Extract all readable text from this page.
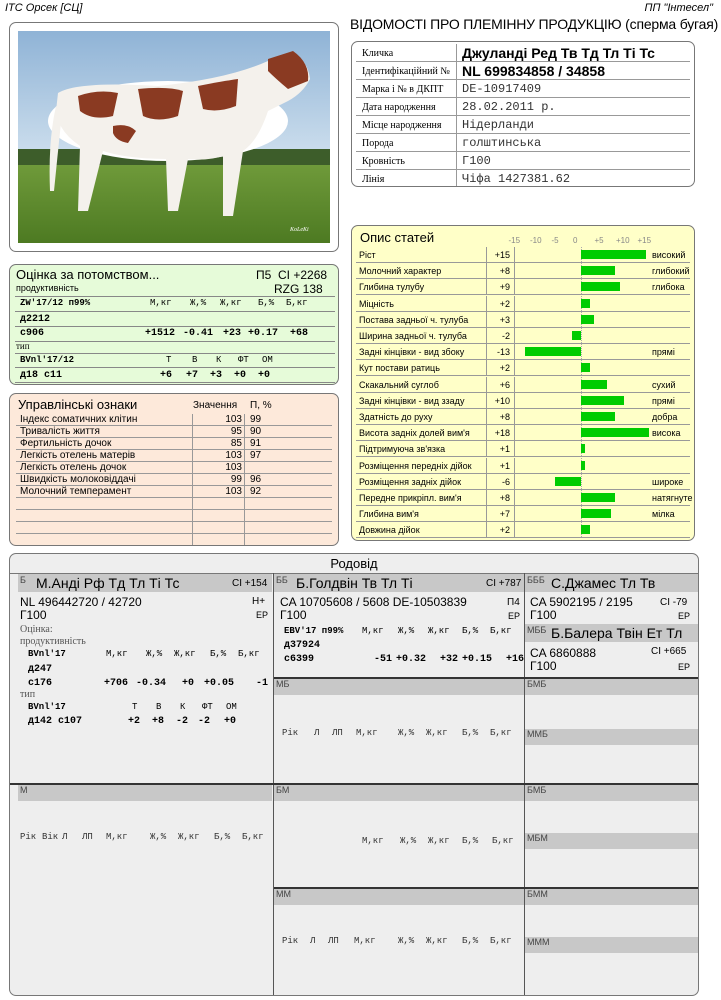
ІТС Орсек [СЦ]	ПП "Інтесел"
ВІДОМОСТІ ПРО ПЛЕМІННУ ПРОДУКЦІЮ (сперма бугая)
KoLeKi
Кличка	Джуланді Ред Тв Тд Тл Ті Тс
Ідентифікаційний № NL 699834858 / 34858
Марка і № в ДКПТ DE-10917409
Дата народження 28.02.2011 р.
Місце народження Нідерланди
Порода	голштинська
Кровність	Г100
Лінія	Чіфа 1427381.62
Оцінка за потомством...	П5 CI +2268
продуктивність	RZG 138
ZW'17/12 п99%	М,кг Ж,% Ж,кг Б,% Б,кг
д2212
с906	+1512 -0.41 +23 +0.17 +68
тип
BVnl'17/12	Т В К ФТ ОМ
д18 с11	+6 +7 +3 +0 +0
Управлінські ознаки	Значення П, %
Індекс соматичних клітин	103 99
Тривалість життя	95 90
Фертильність дочок	85 91
Легкість отелень матерів	103 97
Легкість отелень дочок	103
Швидкість молоковіддачі	99 96
Молочний темперамент	103 92
Опис статей	-15 -10 -5 0 +5 +10 +15
Ріст	+15	високий
Молочний характер	+8	глибокий
Глибина тулубу	+9	глибока
Міцність	+2
Постава задньої ч. тулуба	+3
Ширина задньої ч. тулуба	-2
Задні кінцівки - вид збоку	-13	прямі
Кут постави ратиць	+2
Скакальний суглоб	+6	сухий
Задні кінцівки - вид ззаду	+10	прямі
Здатність до руху	+8	добра
Висота задніх долей вим'я	+18	висока
Підтримуюча зв'язка	+1
Розміщення передніх дійок	+1
Розміщення задніх дійок	-6	широке
Передне прикріпл. вим'я	+8	натягнуте
Глибина вим'я	+7	мілка
Довжина дійок	+2
Родовід
Б М.Анді Рф Тд Тл Ті Тс	CI +154
NL 496442720 / 42720	H+
Г100	EP
Оцінка:
продуктивність
BVnl'17	М,кг Ж,% Ж,кг Б,% Б,кг
д247
с176	+706 -0.34 +0 +0.05 -1
тип
BVnl'17	Т В К ФТ ОМ
д142 с107	+2 +8 -2 -2 +0
ББ Б.Голдвін Тв Тл Ті	CI +787
CA 10705608 / 5608 DE-10503839	П4
Г100	EP
EBV'17 п99% М,кг Ж,% Ж,кг Б,% Б,кг
д37924
с6399	-51 +0.32 +32 +0.15 +16
БББ С.Джамес Тл Тв
CA 5902195 / 2195	CI -79
Г100	EP
МББ Б.Балера Твін Ет Тл
CA 6860888	CI +665
Г100	EP
МБ
Рік Л ЛП М,кг Ж,% Ж,кг Б,% Б,кг
БМБ
ММБ
М
Рік Вік Л ЛП М,кг Ж,% Ж,кг Б,% Б,кг
БМ
М,кг Ж,% Ж,кг Б,% Б,кг
БМБ
МБМ
ММ
Рік Л ЛП М,кг Ж,% Ж,кг Б,% Б,кг
БММ
МММ
